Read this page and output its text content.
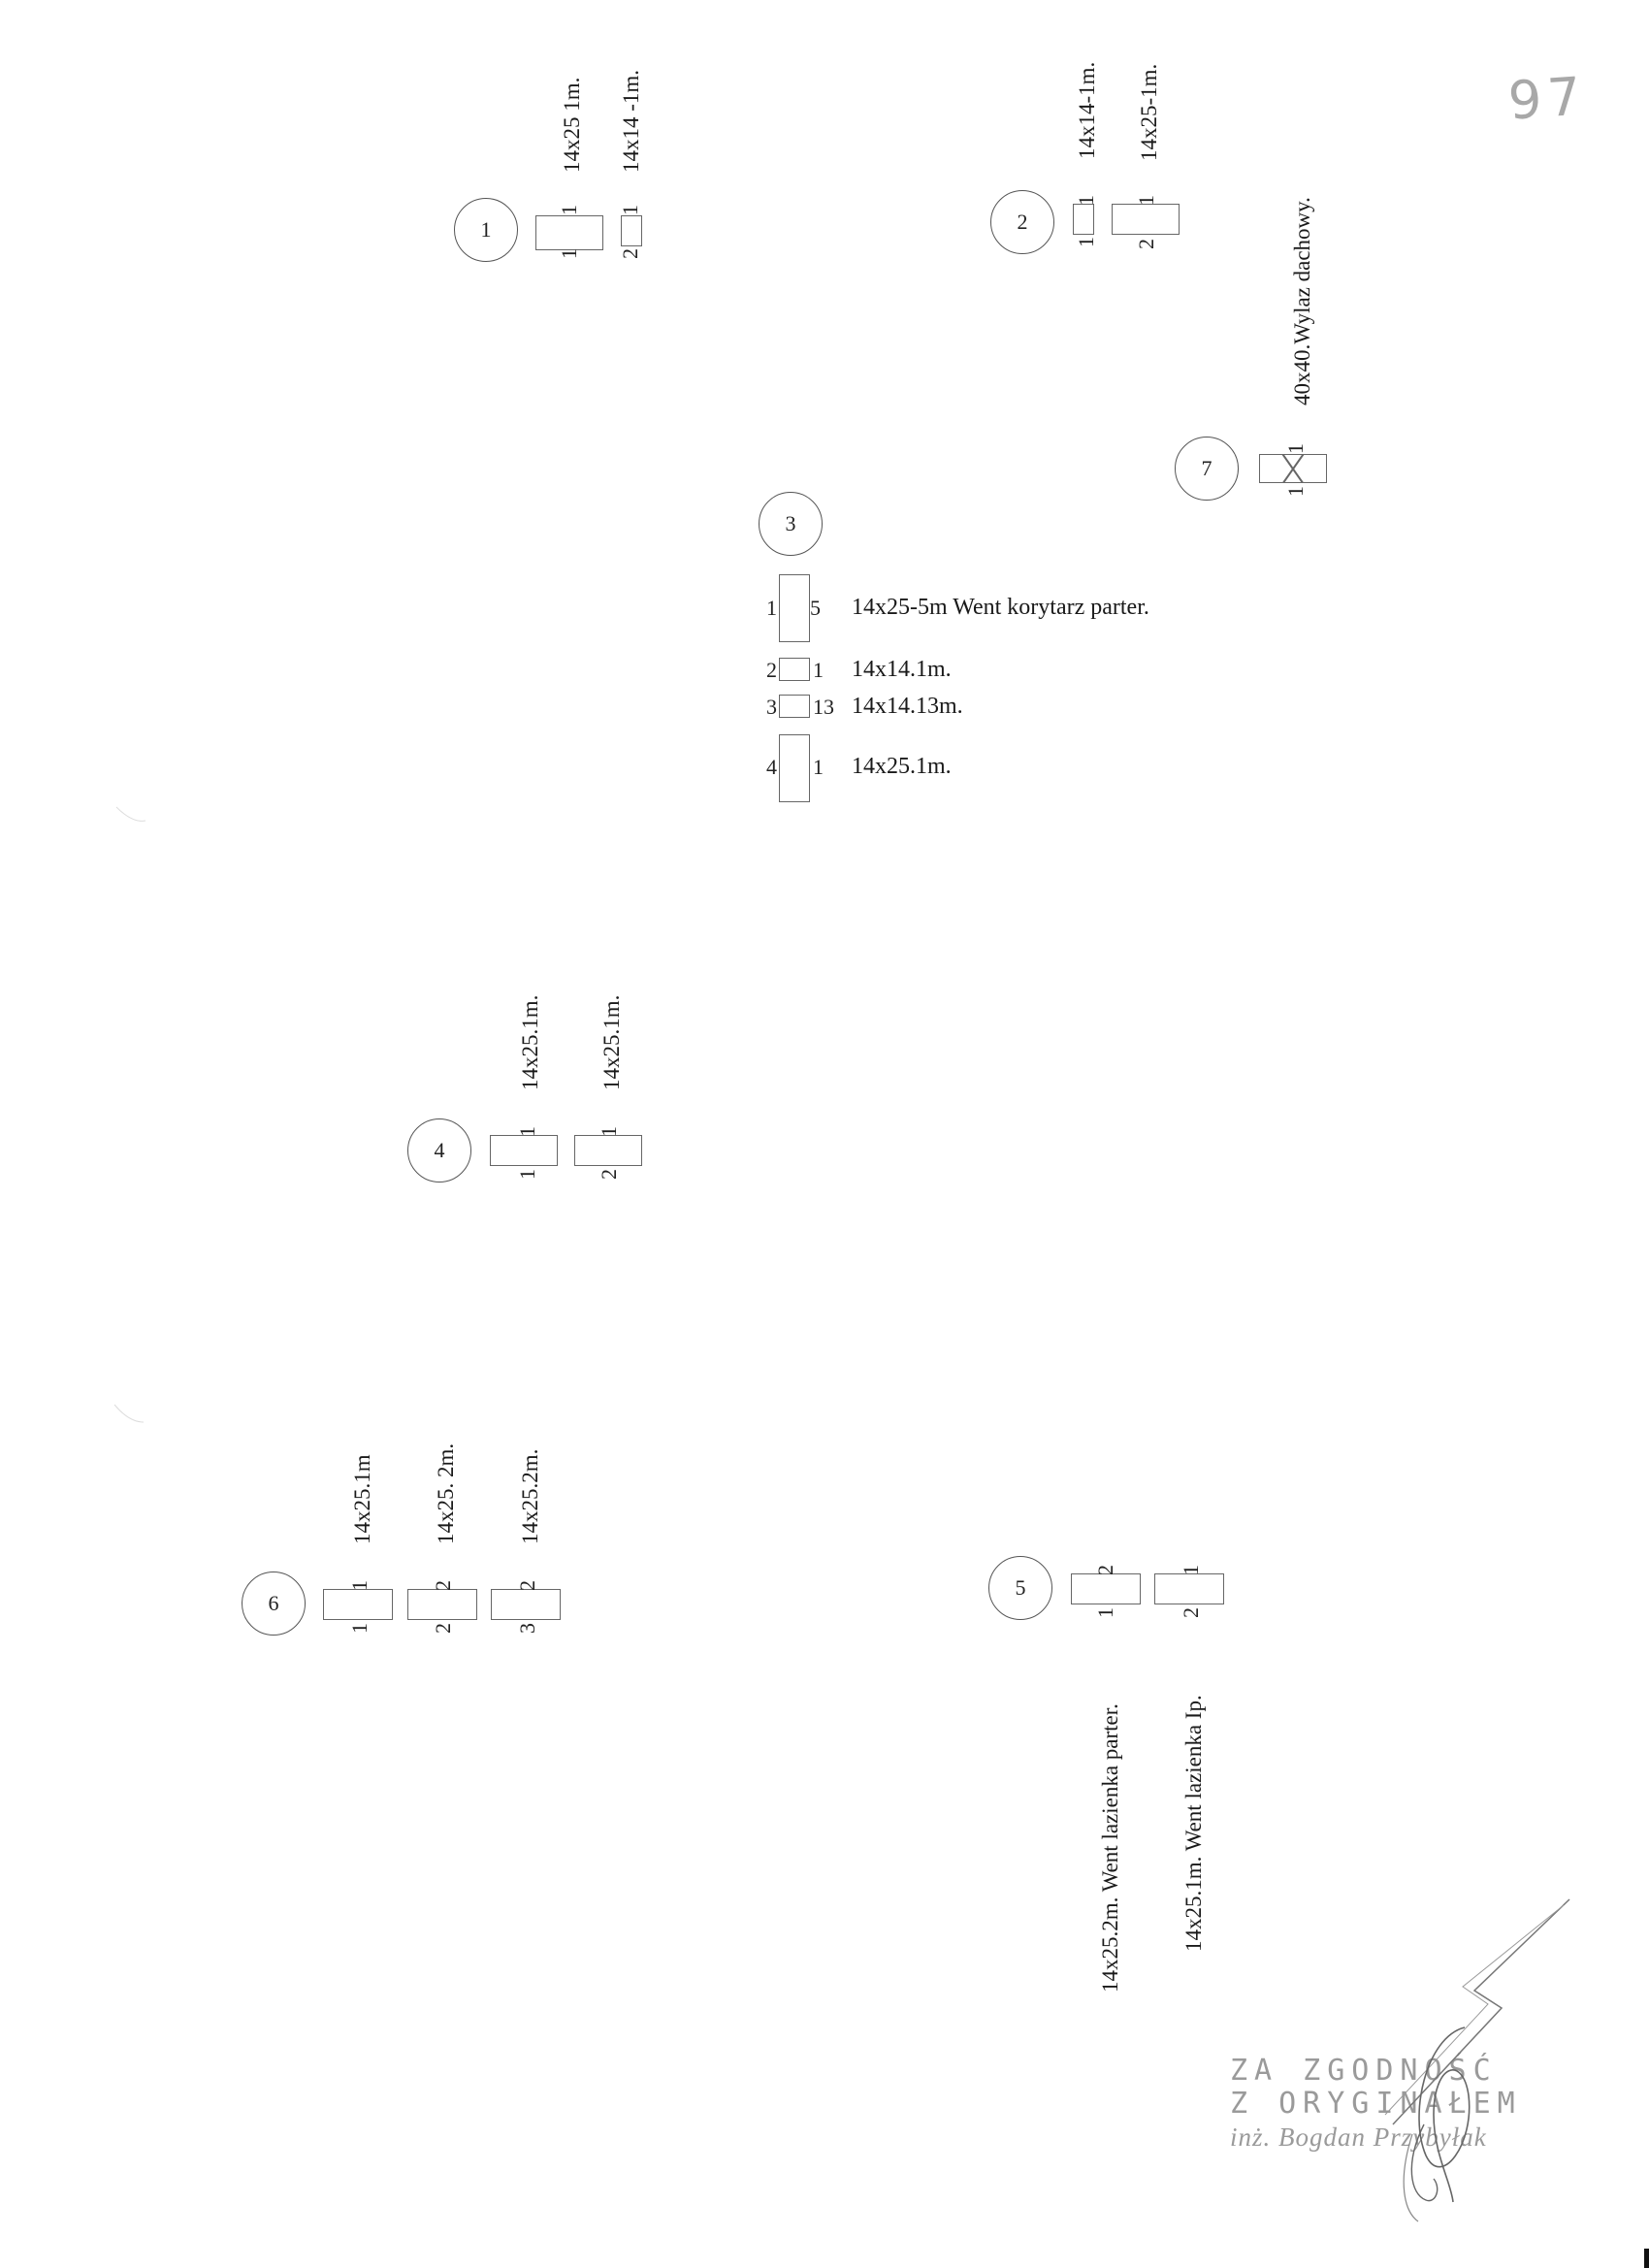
97
1
1
1
14x25 1m.
2
1
14x14 -1m.
2
1
1
14x14-1m.
2
1
14x25-1m.
7
1
1
40x40.Wylaz dachowy.
3
1 5 14x25-5m Went korytarz parter.
2 1 14x14.1m.
3 13 14x14.13m.
4 1 14x25.1m.
4
1
1
14x25.1m.
2
1
14x25.1m.
6
1
1
14x25.1m
2
2
14x25. 2m.
3
2
14x25.2m.
5
1
2
14x25.2m. Went lazienka parter.
2
1
14x25.1m. Went lazienka Ip.
ZA ZGODNOŚĆ
Z ORYGINAŁEM
inż. Bogdan Przybyłak
